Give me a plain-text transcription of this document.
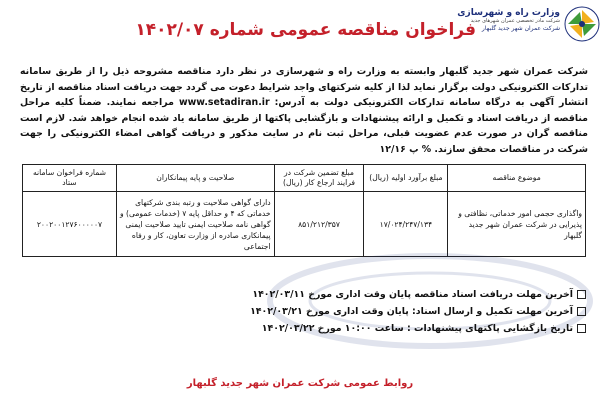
وزارت راه و شهرسازی
شرکت مادر تخصصی عمران شهرهای جدید
شرکت عمران شهر جدید گلبهار
فراخوان مناقصه عمومی شماره ۱۴۰۲/۰۷
شرکت عمران شهر جدید گلبهار وابسته به وزارت راه و شهرسازی در نظر دارد مناقصه مشروحه ذیل را از طریق سامانه تدارکات الکترونیکی دولت برگزار نماید لذا از کلیه شرکتهای واجد شرایط دعوت می گردد جهت دریافت اسناد مناقصه از تاریخ انتشار آگهی به درگاه سامانه تدارکات الکترونیکی دولت به آدرس: www.setadiran.ir مراجعه نمایند. ضمناً کلیه مراحل مناقصه از دریافت اسناد و تکمیل و ارائه پیشنهادات و بازگشایی پاکتها از طریق سامانه یاد شده انجام خواهد شد. لازم است مناقصه گران در صورت عدم عضویت قبلی، مراحل ثبت نام در سایت مذکور و دریافت گواهی امضاء الکترونیکی را جهت شرکت در مناقصات محقق سازند. % پ ۱۲/۱۶
موضوع مناقصه	مبلغ برآورد اولیه (ریال)	مبلغ تضمین شرکت در فرایند ارجاع کار (ریال)	صلاحیت و پایه پیمانکاران	شماره فراخوان سامانه ستاد
واگذاری حجمی امور خدماتی، نظافتی و پذیرایی در شرکت عمران شهر جدید گلبهار	۱۷/۰۲۴/۲۴۷/۱۳۴	۸۵۱/۲۱۲/۳۵۷	دارای گواهی صلاحیت و رتبه بندی شرکتهای خدماتی که ۴ و حداقل پایه ۷ (خدمات عمومی) و گواهی نامه صلاحیت ایمنی تایید صلاحیت ایمنی پیمانکاری صادره از وزارت تعاون، کار و رفاه اجتماعی	۲۰۰۲۰۰۱۲۷۶۰۰۰۰۰۷
آخرین مهلت دریافت اسناد مناقصه پایان وقت اداری مورخ ۱۴۰۲/۰۳/۱۱
آخرین مهلت تکمیل و ارسال اسناد: پایان وقت اداری مورخ ۱۴۰۲/۰۳/۲۱
تاریخ بازگشایی پاکتهای پیشنهادات : ساعت ۱۰:۰۰ مورخ ۱۴۰۲/۰۳/۲۲
روابط عمومی شرکت عمران شهر جدید گلبهار
